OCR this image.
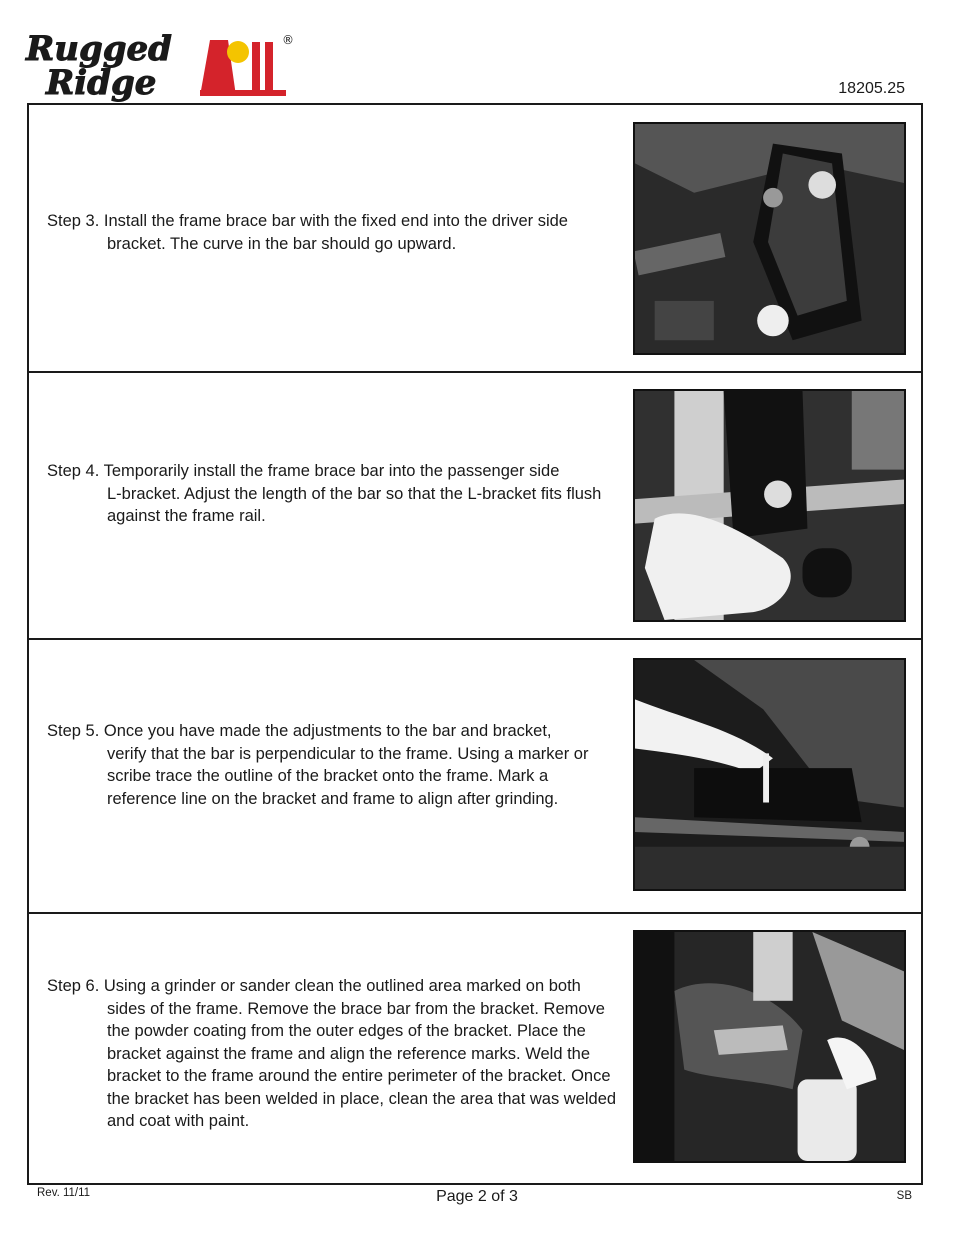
Rugged
Ridge
®
18205.25
Step 3. Install the frame brace bar with the fixed end into the driver side
bracket. The curve in the bar should go upward.
Step 4. Temporarily install the frame brace bar into the passenger side
L-bracket. Adjust the length of the bar so that the L-bracket fits flush against the frame rail.
Step 5. Once you have made the adjustments to the bar and bracket,
verify that the bar is perpendicular to the frame. Using a marker or scribe trace the outline of the bracket onto the frame. Mark a reference line on the bracket and frame to align after grinding.
Step 6. Using a grinder or sander clean the outlined area marked on both
sides of the frame. Remove the brace bar from the bracket. Remove the powder coating from the outer edges of the bracket. Place the bracket against the frame and align the reference marks. Weld the bracket to the frame around the entire perimeter of the bracket. Once the bracket has been welded in place, clean the area that was welded and coat with paint.
Rev. 11/11	Page 2 of 3	SB
